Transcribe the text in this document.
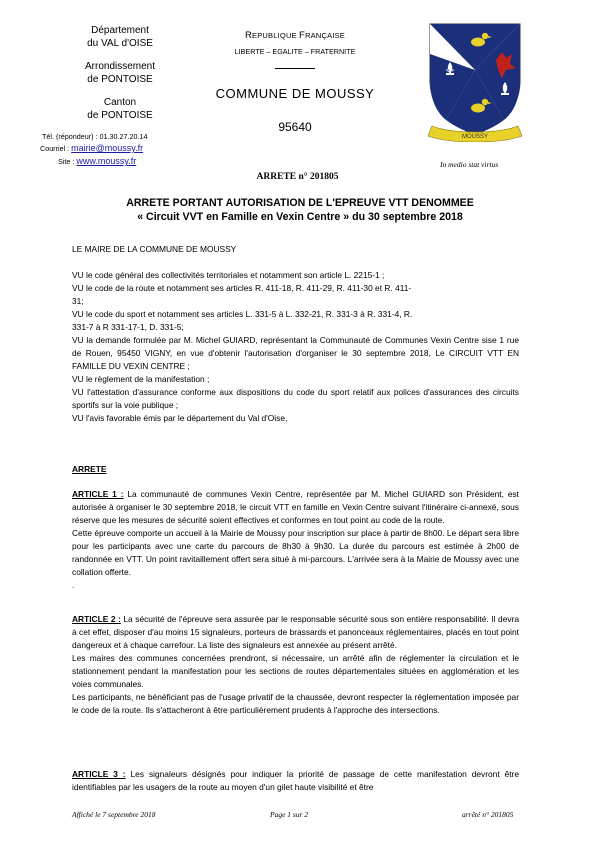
Département
du VAL d'OISE
Arrondissement
de PONTOISE
Canton
de PONTOISE
Tél. (répondeur) : 01.30.27.20.14
Courriel : mairie@moussy.fr
Site : www.moussy.fr
REPUBLIQUE FRANÇAISE
LIBERTE – EGALITE – FRATERNITE
COMMUNE DE MOUSSY
95640
MOUSSY
In medio stat virtus
ARRETE n° 201805
ARRETE PORTANT AUTORISATION DE L'EPREUVE VTT DENOMMEE
« Circuit VVT en Famille en Vexin Centre » du 30 septembre 2018
LE MAIRE DE LA COMMUNE DE MOUSSY

VU le code général des collectivités territoriales et notamment son article L. 2215-1 ;

VU le code de la route et notamment ses articles R. 411-18, R. 411-29, R. 411-30 et R. 411-

31;

VU le code du sport et notamment ses articles L. 331-5 à L. 332-21, R. 331-3 à R. 331-4, R.

331-7 à R 331-17-1, D. 331-5;

VU la demande formulée par M. Michel GUIARD, représentant la Communauté de Communes Vexin Centre sise 1 rue de Rouen, 95450 VIGNY, en vue d'obtenir l'autorisation d'organiser le 30 septembre 2018, Le CIRCUIT VTT EN FAMILLE DU VEXIN CENTRE ;

VU le règlement de la manifestation ;

VU l'attestation d'assurance conforme aux dispositions du code du sport relatif aux polices d'assurances des circuits sportifs sur la voie publique ;

VU l'avis favorable émis par le département du Val d'Oise,

ARRETE

ARTICLE 1 : La communauté de communes Vexin Centre, représentée par M. Michel GUIARD son Président, est autorisée à organiser le 30 septembre 2018, le circuit VTT en famille en Vexin Centre suivant l'itinéraire ci-annexé, sous réserve que les mesures de sécurité soient effectives et conformes en tout point au code de la route.

Cette épreuve comporte un accueil à la Mairie de Moussy pour inscription sur place à partir de 8h00. Le départ sera libre pour les participants avec une carte du parcours de 8h30 à 9h30. La durée du parcours est estimée à 2h00 de randonnée en VTT. Un point ravitaillement offert sera situé à mi-parcours. L'arrivée sera à la Mairie de Moussy avec une collation offerte.

.

ARTICLE 2 : La sécurité de l'épreuve sera assurée par le responsable sécurité sous son entière responsabilité. Il devra à cet effet, disposer d'au moins 15 signaleurs, porteurs de brassards et panonceaux réglementaires, placés en tout point dangereux et à chaque carrefour. La liste des signaleurs est annexée au présent arrêté.

Les maires des communes concernées prendront, si nécessaire, un arrêté afin de réglementer la circulation et le stationnement pendant la manifestation pour les sections de routes départementales situées en agglomération et les voies communales.

Les participants, ne bénéficiant pas de l'usage privatif de la chaussée, devront respecter la réglementation imposée par le code de la route. Ils s'attacheront à être particulièrement prudents à l'approche des intersections.

ARTICLE 3 : Les signaleurs désignés pour indiquer la priorité de passage de cette manifestation devront être identifiables par les usagers de la route au moyen d'un gilet haute visibilité et être

Affiché le 7 septembre 2018	Page 1 sur 2	arrêté n° 201805
